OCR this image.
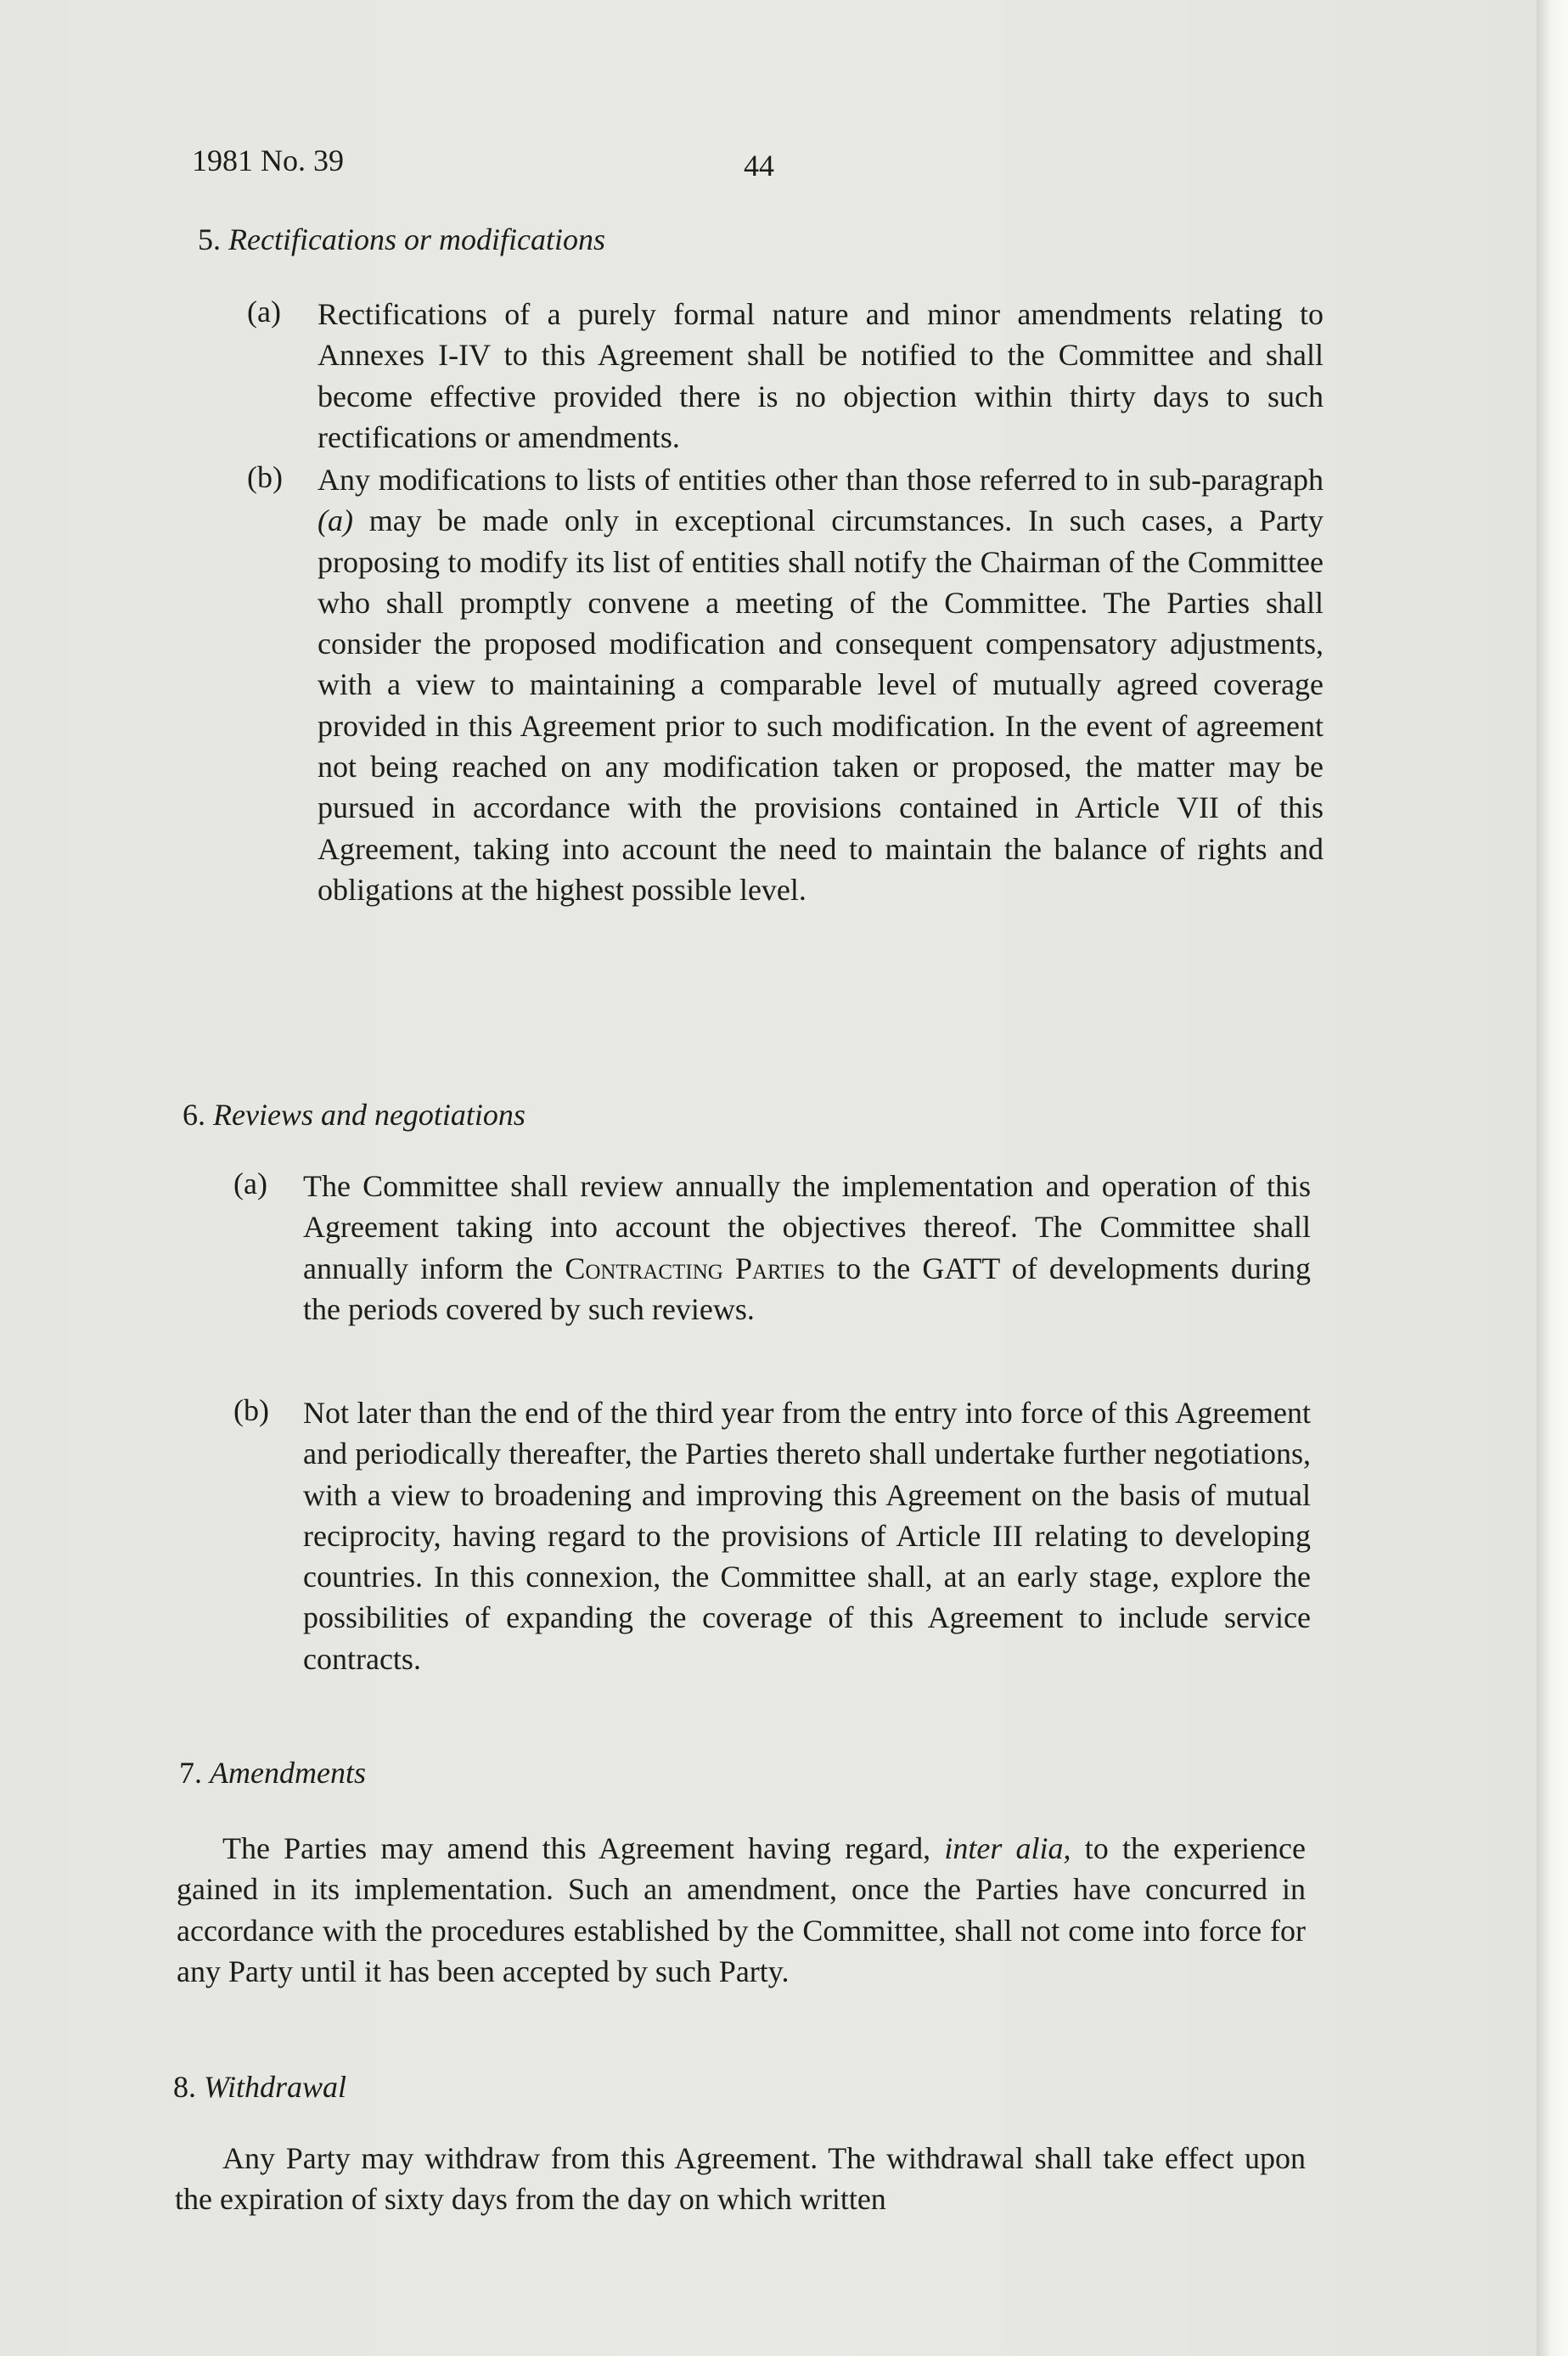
1981 No. 39	44
5. Rectifications or modifications
(a) Rectifications of a purely formal nature and minor amendments relating to Annexes I-IV to this Agreement shall be notified to the Committee and shall become effective provided there is no objection within thirty days to such rectifications or amendments.
(b) Any modifications to lists of entities other than those referred to in sub-paragraph (a) may be made only in exceptional circumstances. In such cases, a Party proposing to modify its list of entities shall notify the Chairman of the Committee who shall promptly convene a meeting of the Committee. The Parties shall consider the proposed modification and consequent compensatory adjustments, with a view to maintaining a comparable level of mutually agreed coverage provided in this Agreement prior to such modification. In the event of agreement not being reached on any modification taken or proposed, the matter may be pursued in accordance with the provisions contained in Article VII of this Agreement, taking into account the need to maintain the balance of rights and obligations at the highest possible level.
6. Reviews and negotiations
(a) The Committee shall review annually the implementation and operation of this Agreement taking into account the objectives thereof. The Committee shall annually inform the Contracting Parties to the GATT of developments during the periods covered by such reviews.
(b) Not later than the end of the third year from the entry into force of this Agreement and periodically thereafter, the Parties thereto shall undertake further negotiations, with a view to broadening and improving this Agreement on the basis of mutual reciprocity, having regard to the provisions of Article III relating to developing countries. In this connexion, the Committee shall, at an early stage, explore the possibilities of expanding the coverage of this Agreement to include service contracts.
7. Amendments
The Parties may amend this Agreement having regard, inter alia, to the experience gained in its implementation. Such an amendment, once the Parties have concurred in accordance with the procedures established by the Committee, shall not come into force for any Party until it has been accepted by such Party.
8. Withdrawal
Any Party may withdraw from this Agreement. The withdrawal shall take effect upon the expiration of sixty days from the day on which written
